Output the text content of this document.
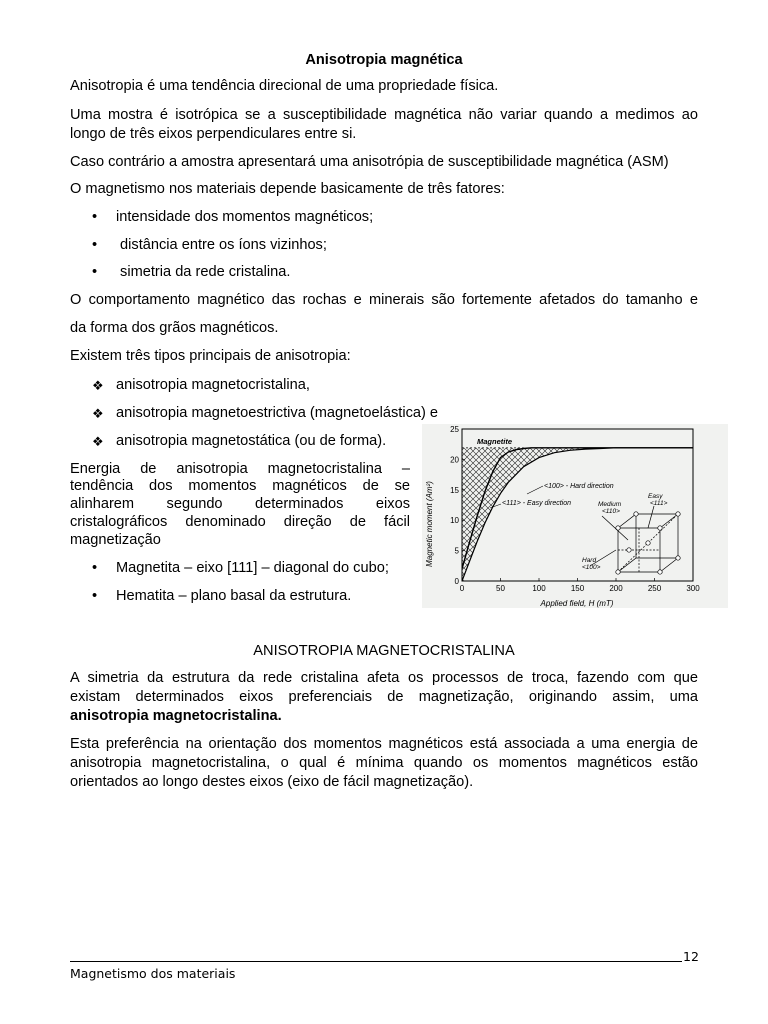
Anisotropia magnética
Anisotropia é uma tendência direcional de uma propriedade física.
Uma mostra é isotrópica se a susceptibilidade magnética não variar quando a medimos ao
longo de três eixos perpendiculares entre si.
Caso contrário a amostra apresentará uma anisotrópia de susceptibilidade magnética (ASM)
O magnetismo nos materiais depende basicamente de três fatores:
• intensidade dos momentos magnéticos;
• distância entre os íons vizinhos;
• simetria da rede cristalina.
O comportamento magnético das rochas e minerais são fortemente afetados do tamanho e
da forma dos grãos magnéticos.
Existem três tipos principais de anisotropia:
❖ anisotropia magnetocristalina,
❖ anisotropia magnetoestrictiva (magnetoelástica) e
❖ anisotropia magnetostática (ou de forma).
Energia de anisotropia magnetocristalina –
tendência dos momentos magnéticos de se
alinharem segundo determinados eixos
cristalográficos denominado direção de fácil
magnetização
• Magnetita – eixo [111] – diagonal do cubo;
• Hematita – plano basal da estrutura.
Magnetic moment (Am²)
Applied field, H (mT)
0
5
10
15
20
25
0	50	100	150	200	250	300
Magnetite
<100> - Hard direction
<111> - Easy direction
Easy
<111>
Medium
<110>
Hard
<100>
ANISOTROPIA MAGNETOCRISTALINA
A simetria da estrutura da rede cristalina afeta os processos de troca, fazendo com que
existam determinados eixos preferenciais de magnetização, originando assim, uma
anisotropia magnetocristalina.
Esta preferência na orientação dos momentos magnéticos está associada a uma energia de
anisotropia magnetocristalina, o qual é mínima quando os momentos magnéticos estão
orientados ao longo destes eixos (eixo de fácil magnetização).
12
Magnetismo dos materiais
